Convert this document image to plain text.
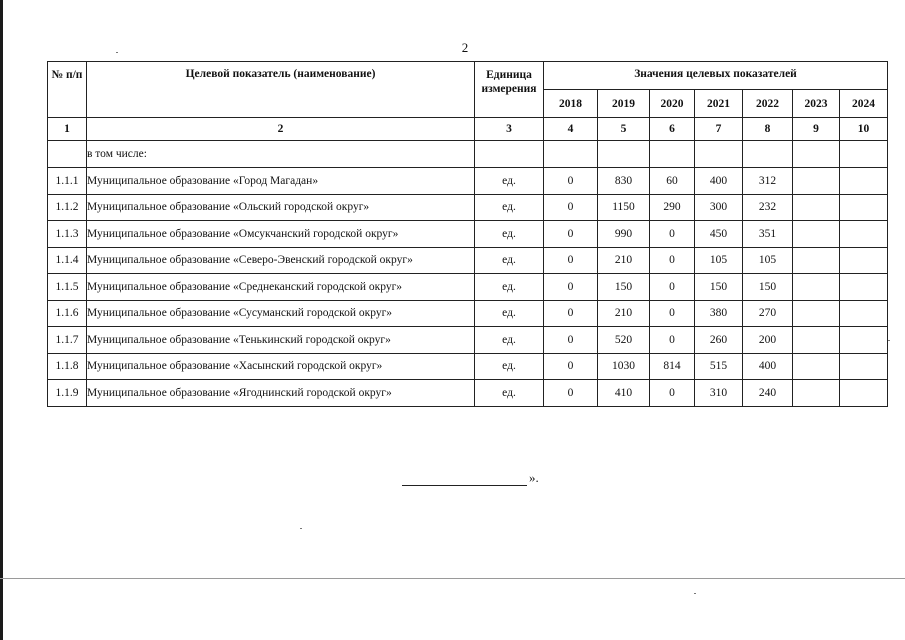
2
№ п/п	Целевой показатель (наименование)	Единица измерения	Значения целевых показателей						
			2018	2019	2020	2021	2022	2023	2024
1	2	3	4	5	6	7	8	9	10
	в том числе:								
1.1.1	Муниципальное образование «Город Магадан»	ед.	0	830	60	400	312		
1.1.2	Муниципальное образование «Ольский городской округ»	ед.	0	1150	290	300	232		
1.1.3	Муниципальное образование «Омсукчанский городской округ»	ед.	0	990	0	450	351		
1.1.4	Муниципальное образование «Северо-Эвенский городской округ»	ед.	0	210	0	105	105		
1.1.5	Муниципальное образование «Среднеканский городской округ»	ед.	0	150	0	150	150		
1.1.6	Муниципальное образование «Сусуманский городской округ»	ед.	0	210	0	380	270		
1.1.7	Муниципальное образование «Тенькинский городской округ»	ед.	0	520	0	260	200		
1.1.8	Муниципальное образование «Хасынский городской округ»	ед.	0	1030	814	515	400		
1.1.9	Муниципальное образование «Ягоднинский городской округ»	ед.	0	410	0	310	240		
».
